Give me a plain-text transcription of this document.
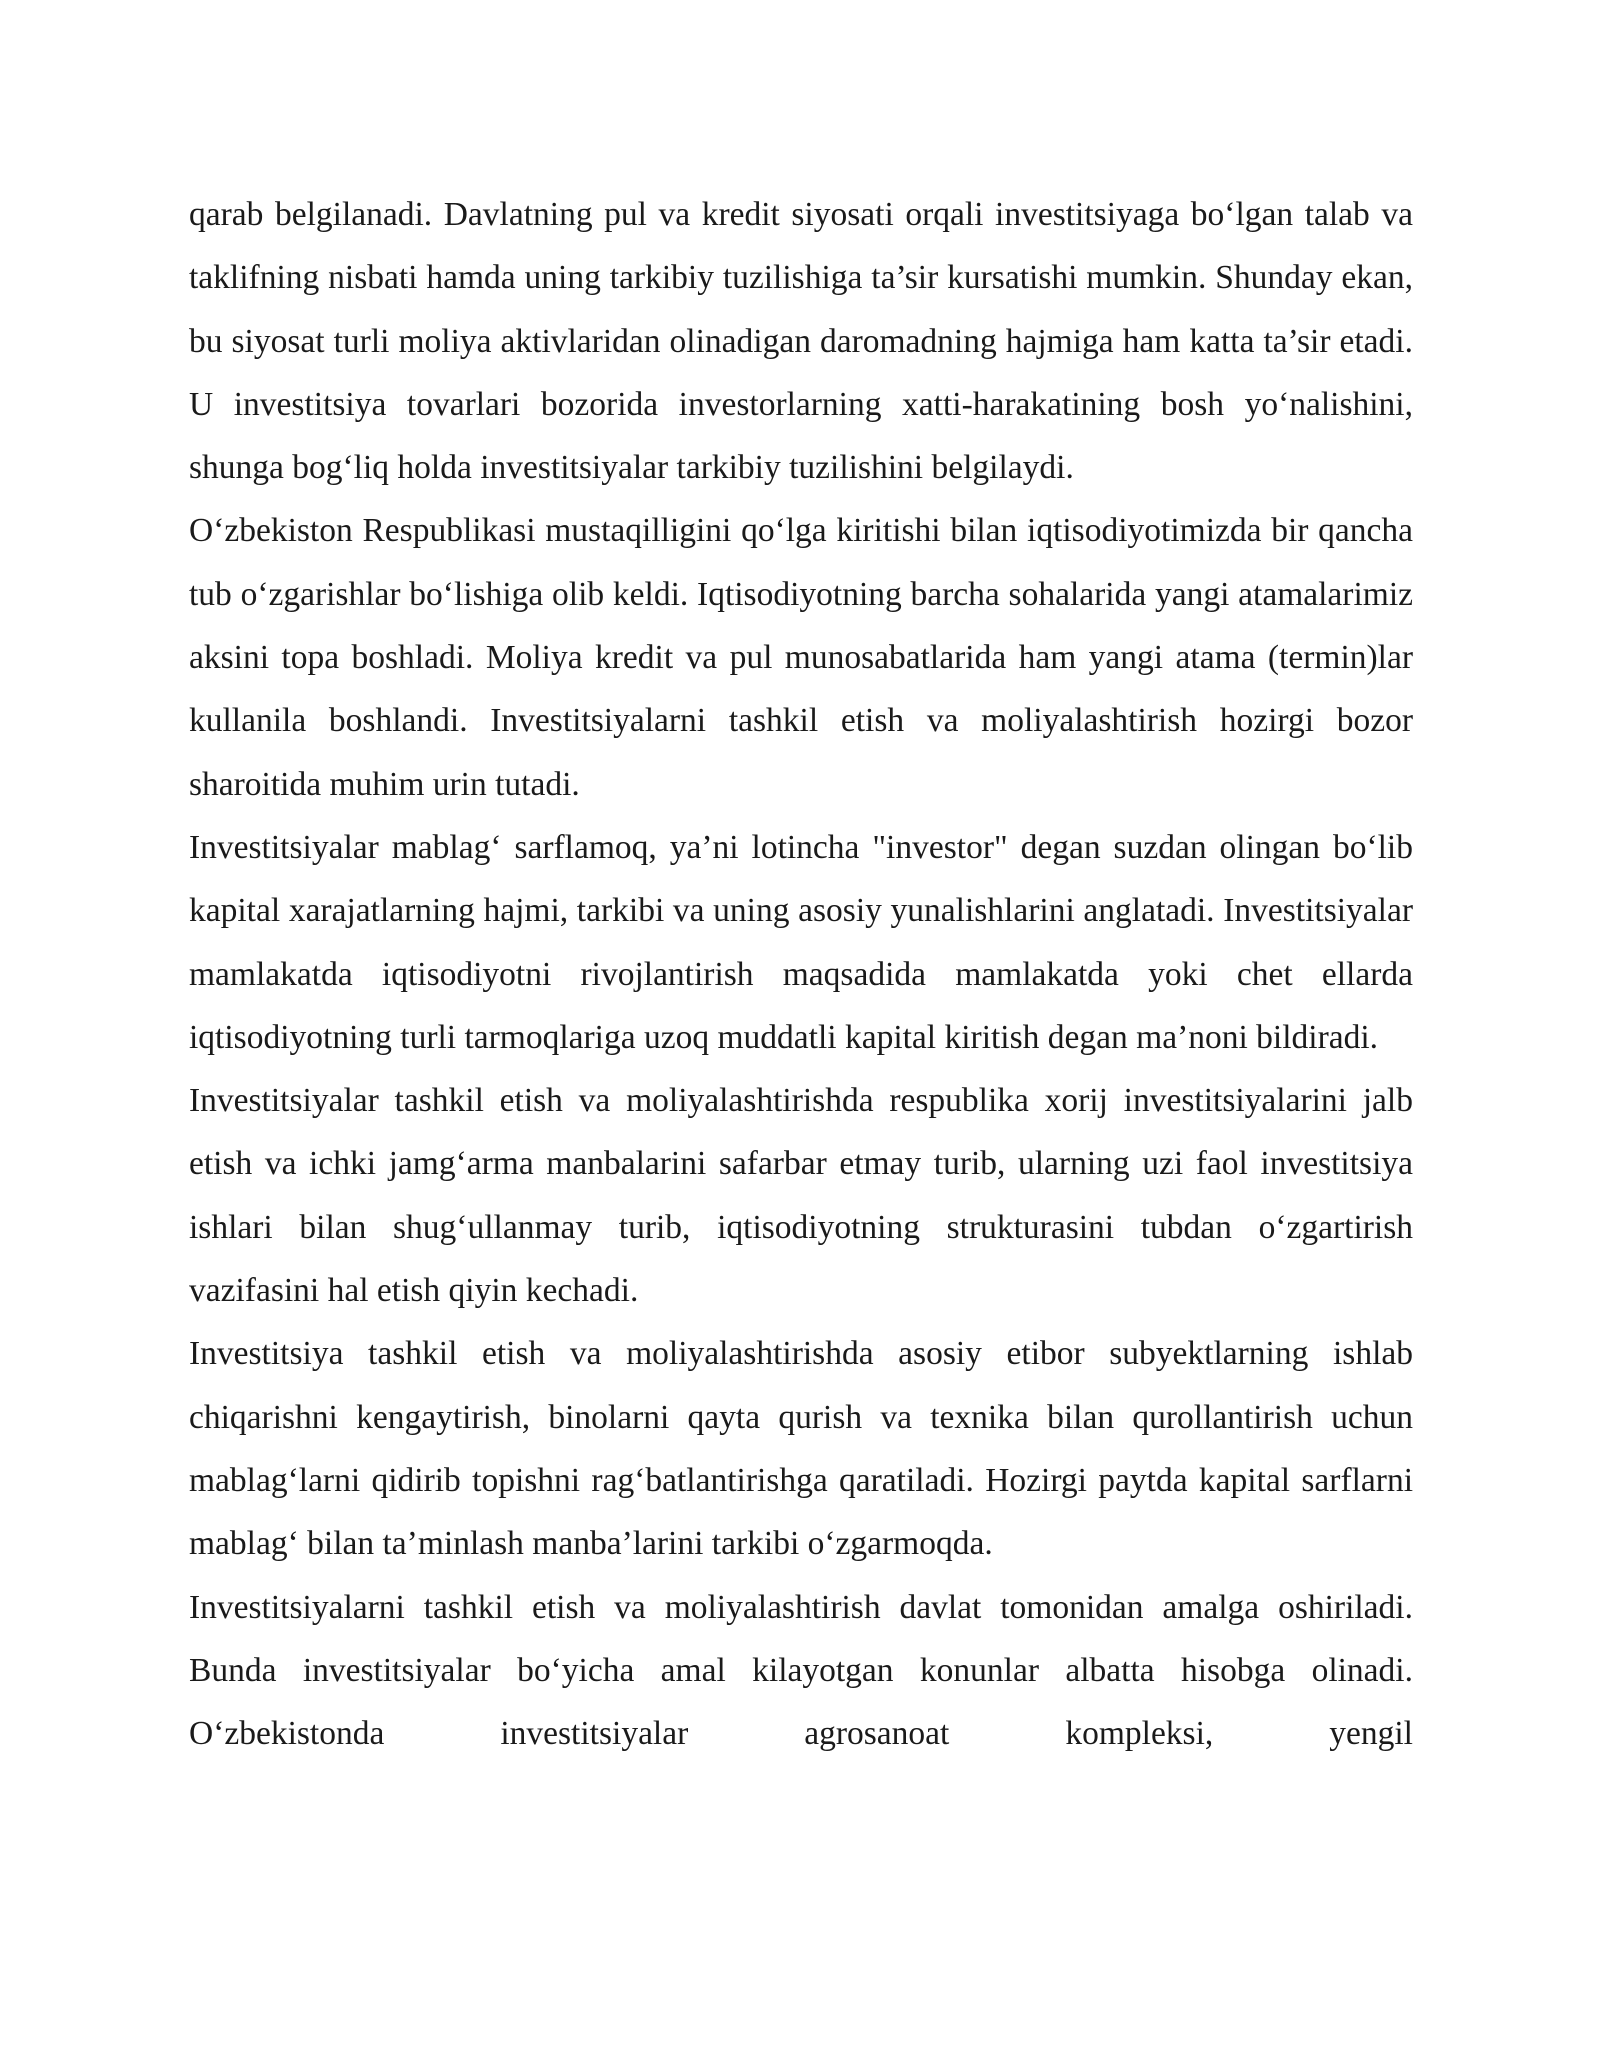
qarab belgilanadi. Davlatning pul va kredit siyosati orqali investitsiyaga bo‘lgan talab va taklifning nisbati hamda uning tarkibiy tuzilishiga ta’sir kursatishi mumkin. Shunday ekan, bu siyosat turli moliya aktivlaridan olinadigan daromadning hajmiga ham katta ta’sir etadi. U investitsiya tovarlari bozorida investorlarning xatti-harakatining bosh yo‘nalishini, shunga bog‘liq holda investitsiyalar tarkibiy tuzilishini belgilaydi.

O‘zbekiston Respublikasi mustaqilligini qo‘lga kiritishi bilan iqtisodiyotimizda bir qancha tub o‘zgarishlar bo‘lishiga olib keldi. Iqtisodiyotning barcha sohalarida yangi atamalarimiz aksini topa boshladi. Moliya kredit va pul munosabatlarida ham yangi atama (termin)lar kullanila boshlandi. Investitsiyalarni tashkil etish va moliyalashtirish hozirgi bozor sharoitida muhim urin tutadi.

Investitsiyalar mablag‘ sarflamoq, ya’ni lotincha "investor" degan suzdan olingan bo‘lib kapital xarajatlarning hajmi, tarkibi va uning asosiy yunalishlarini anglatadi. Investitsiyalar mamlakatda iqtisodiyotni rivojlantirish maqsadida mamlakatda yoki chet ellarda iqtisodiyotning turli tarmoqlariga uzoq muddatli kapital kiritish degan ma’noni bildiradi.

Investitsiyalar tashkil etish va moliyalashtirishda respublika xorij investitsiyalarini jalb etish va ichki jamg‘arma manbalarini safarbar etmay turib, ularning uzi faol investitsiya ishlari bilan shug‘ullanmay turib, iqtisodiyotning strukturasini tubdan o‘zgartirish vazifasini hal etish qiyin kechadi.

Investitsiya tashkil etish va moliyalashtirishda asosiy etibor subyektlarning ishlab chiqarishni kengaytirish, binolarni qayta qurish va texnika bilan qurollantirish uchun mablag‘larni qidirib topishni rag‘batlantirishga qaratiladi. Hozirgi paytda kapital sarflarni mablag‘ bilan ta’minlash manba’larini tarkibi o‘zgarmoqda.

Investitsiyalarni tashkil etish va moliyalashtirish davlat tomonidan amalga oshiriladi. Bunda investitsiyalar bo‘yicha amal kilayotgan konunlar albatta hisobga olinadi. O‘zbekistonda investitsiyalar agrosanoat kompleksi, yengil
